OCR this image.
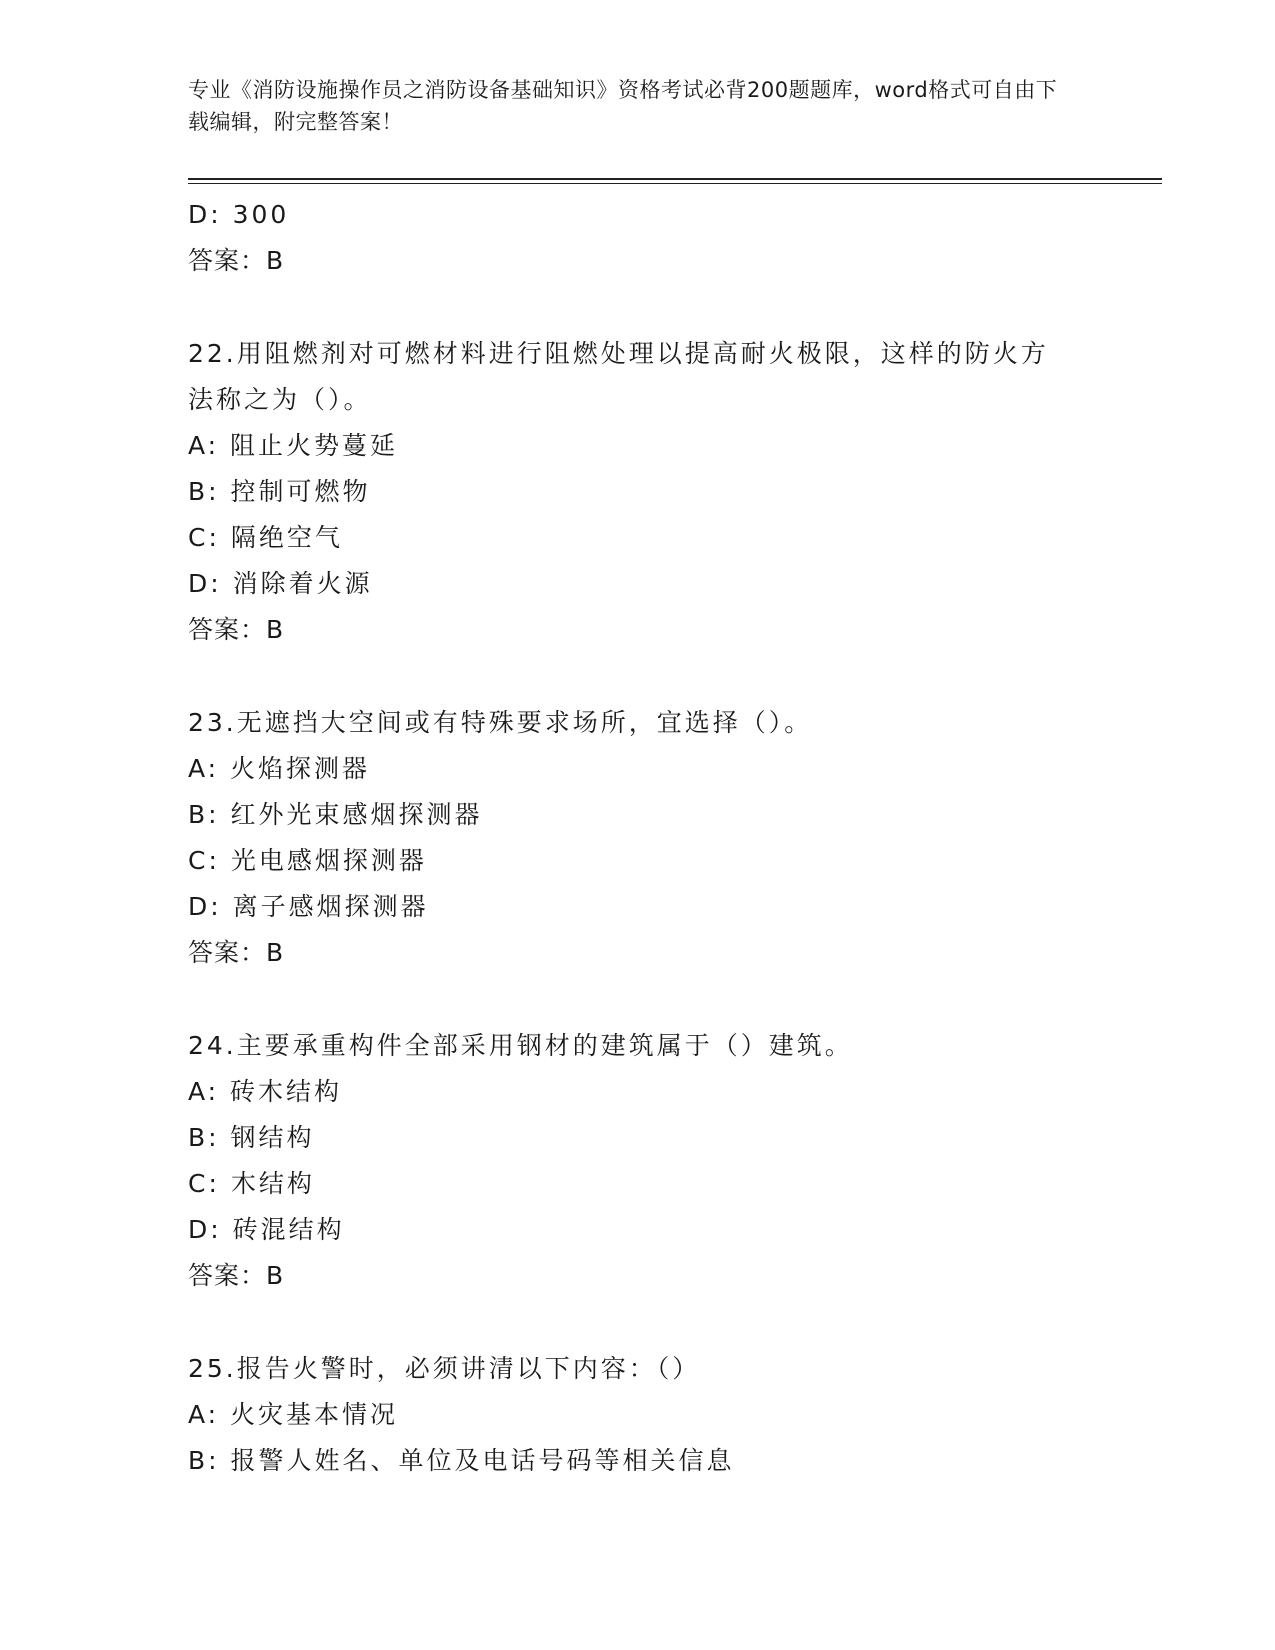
专业《消防设施操作员之消防设备基础知识》资格考试必背200题题库，word格式可自由下载编辑，附完整答案！
D: 300
答案：B
22.用阻燃剂对可燃材料进行阻燃处理以提高耐火极限，这样的防火方
法称之为（）。
A: 阻止火势蔓延
B: 控制可燃物
C: 隔绝空气
D: 消除着火源
答案：B
23.无遮挡大空间或有特殊要求场所，宜选择（）。
A: 火焰探测器
B: 红外光束感烟探测器
C: 光电感烟探测器
D: 离子感烟探测器
答案：B
24.主要承重构件全部采用钢材的建筑属于（）建筑。
A: 砖木结构
B: 钢结构
C: 木结构
D: 砖混结构
答案：B
25.报告火警时，必须讲清以下内容：（）
A: 火灾基本情况
B: 报警人姓名、单位及电话号码等相关信息
